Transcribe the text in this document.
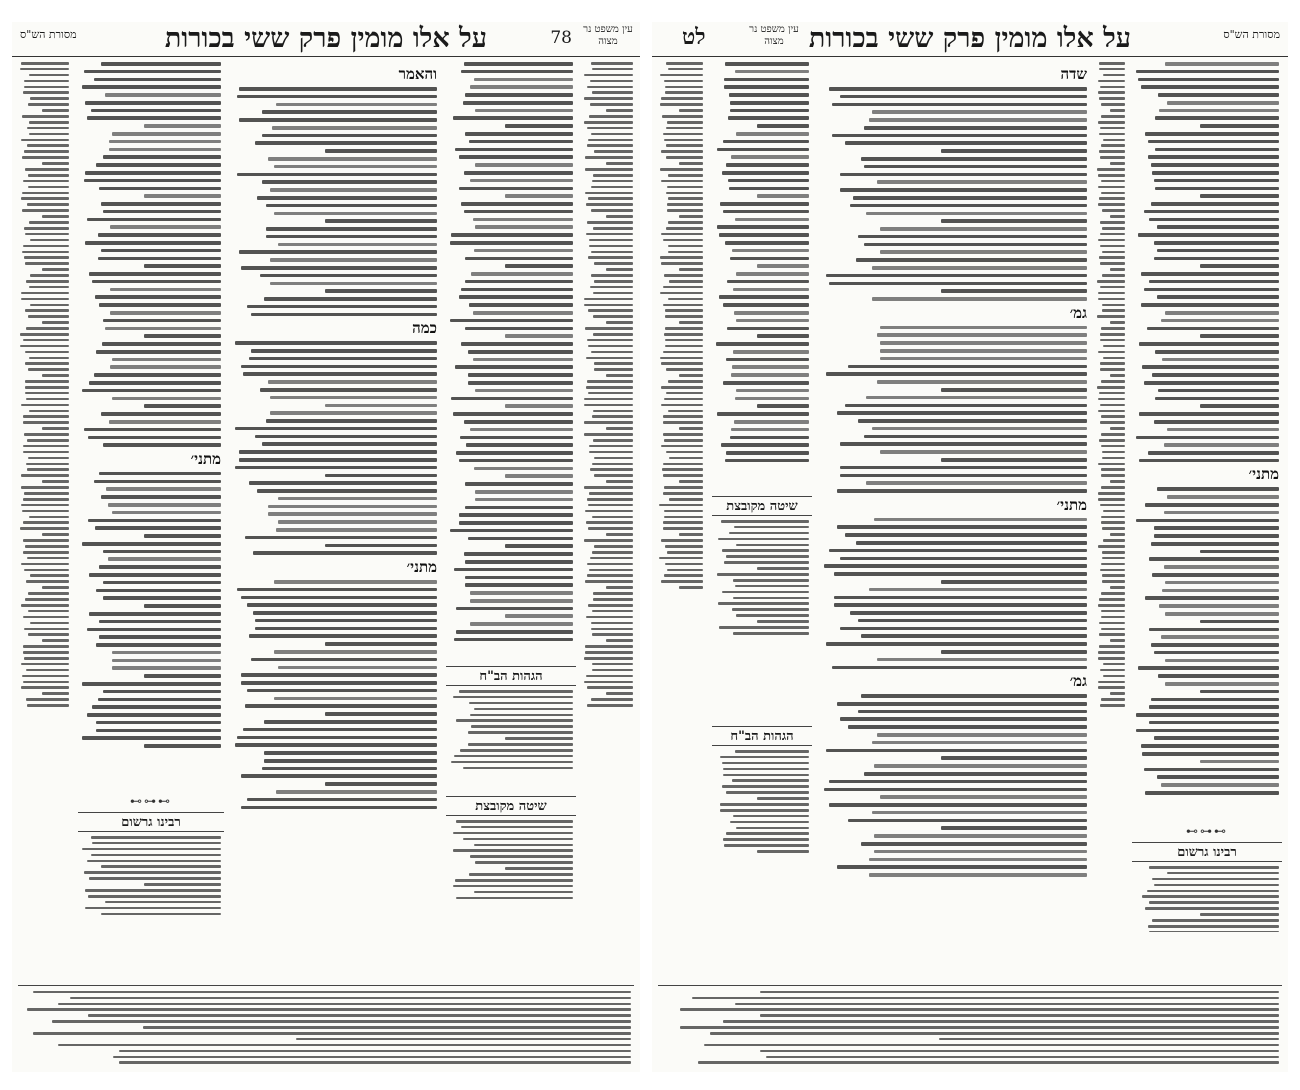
מסורת הש"ס	על אלו מומין פרק ששי בכורות	78 עין משפט נר מצוה
הגהות הב"ח
שיטה מקובצת
והאמר
כמה
מתני׳
מתני׳
⊶⊷⊶
רבינו גרשום
לט	עין משפט נר מצוה על אלו מומין פרק ששי בכורות	מסורת הש"ס
מתני׳
⊶⊷⊶
רבינו גרשום
שדה
גמ׳
מתני׳
גמ׳
שיטה מקובצת
הגהות הב"ח
